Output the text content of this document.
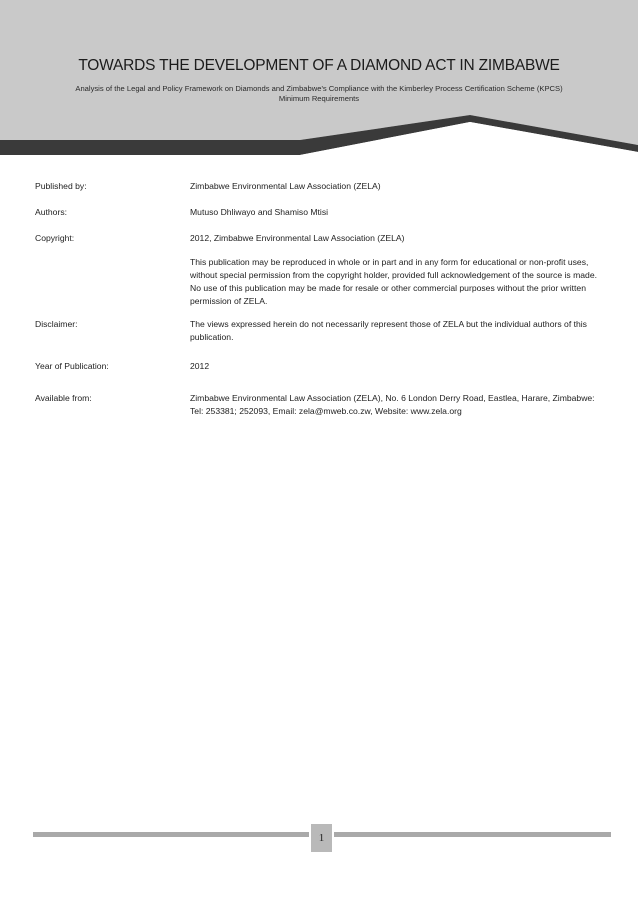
TOWARDS THE DEVELOPMENT OF A DIAMOND ACT IN ZIMBABWE
Analysis of the Legal and Policy Framework on Diamonds and Zimbabwe's Compliance with the Kimberley Process Certification Scheme (KPCS) Minimum Requirements
Published by:	Zimbabwe Environmental Law Association (ZELA)
Authors:	Mutuso Dhliwayo and Shamiso Mtisi
Copyright:	2012, Zimbabwe Environmental Law Association (ZELA)
This publication may be reproduced in whole or in part and in any form for educational or non-profit uses, without special permission from the copyright holder, provided full acknowledgement of the source is made. No use of this publication may be made for resale or other commercial purposes without the prior written permission of ZELA.
Disclaimer:	The views expressed herein do not necessarily represent those of ZELA but the individual authors of this publication.
Year of Publication:	2012
Available from:	Zimbabwe Environmental Law Association (ZELA), No. 6 London Derry Road, Eastlea, Harare, Zimbabwe: Tel: 253381; 252093, Email: zela@mweb.co.zw, Website: www.zela.org
1
